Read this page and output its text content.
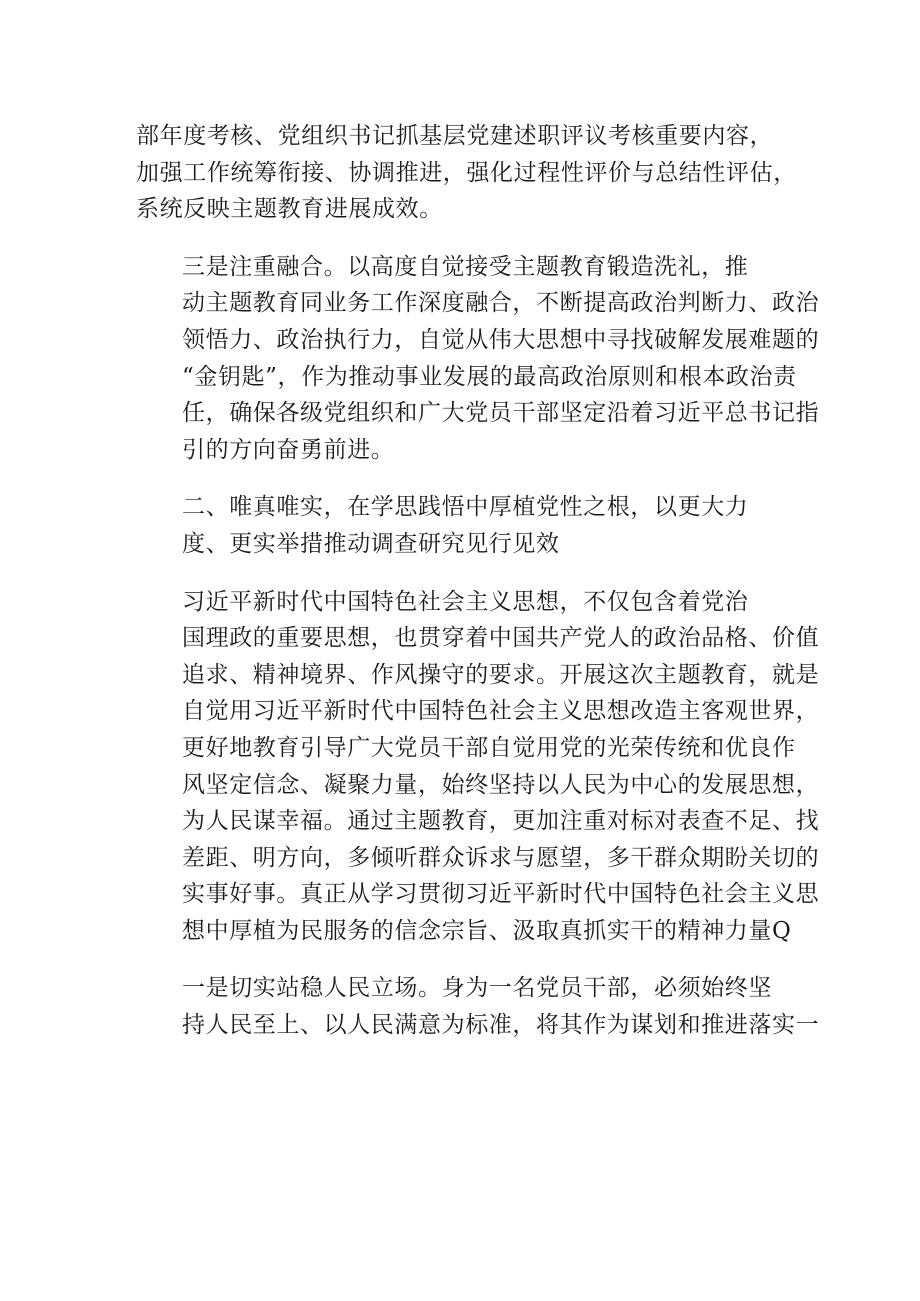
部年度考核、党组织书记抓基层党建述职评议考核重要内容，
加强工作统筹衔接、协调推进，强化过程性评价与总结性评估，
系统反映主题教育进展成效。

三是注重融合。以高度自觉接受主题教育锻造洗礼，推
动主题教育同业务工作深度融合，不断提高政治判断力、政治
领悟力、政治执行力，自觉从伟大思想中寻找破解发展难题的
“金钥匙”，作为推动事业发展的最高政治原则和根本政治责
任，确保各级党组织和广大党员干部坚定沿着习近平总书记指
引的方向奋勇前进。

二、唯真唯实，在学思践悟中厚植党性之根，以更大力
度、更实举措推动调查研究见行见效

习近平新时代中国特色社会主义思想，不仅包含着党治
国理政的重要思想，也贯穿着中国共产党人的政治品格、价值
追求、精神境界、作风操守的要求。开展这次主题教育，就是
自觉用习近平新时代中国特色社会主义思想改造主客观世界，
更好地教育引导广大党员干部自觉用党的光荣传统和优良作
风坚定信念、凝聚力量，始终坚持以人民为中心的发展思想，
为人民谋幸福。通过主题教育，更加注重对标对表查不足、找
差距、明方向，多倾听群众诉求与愿望，多干群众期盼关切的
实事好事。真正从学习贯彻习近平新时代中国特色社会主义思
想中厚植为民服务的信念宗旨、汲取真抓实干的精神力量Q

一是切实站稳人民立场。身为一名党员干部，必须始终坚
持人民至上、以人民满意为标准，将其作为谋划和推进落实一
